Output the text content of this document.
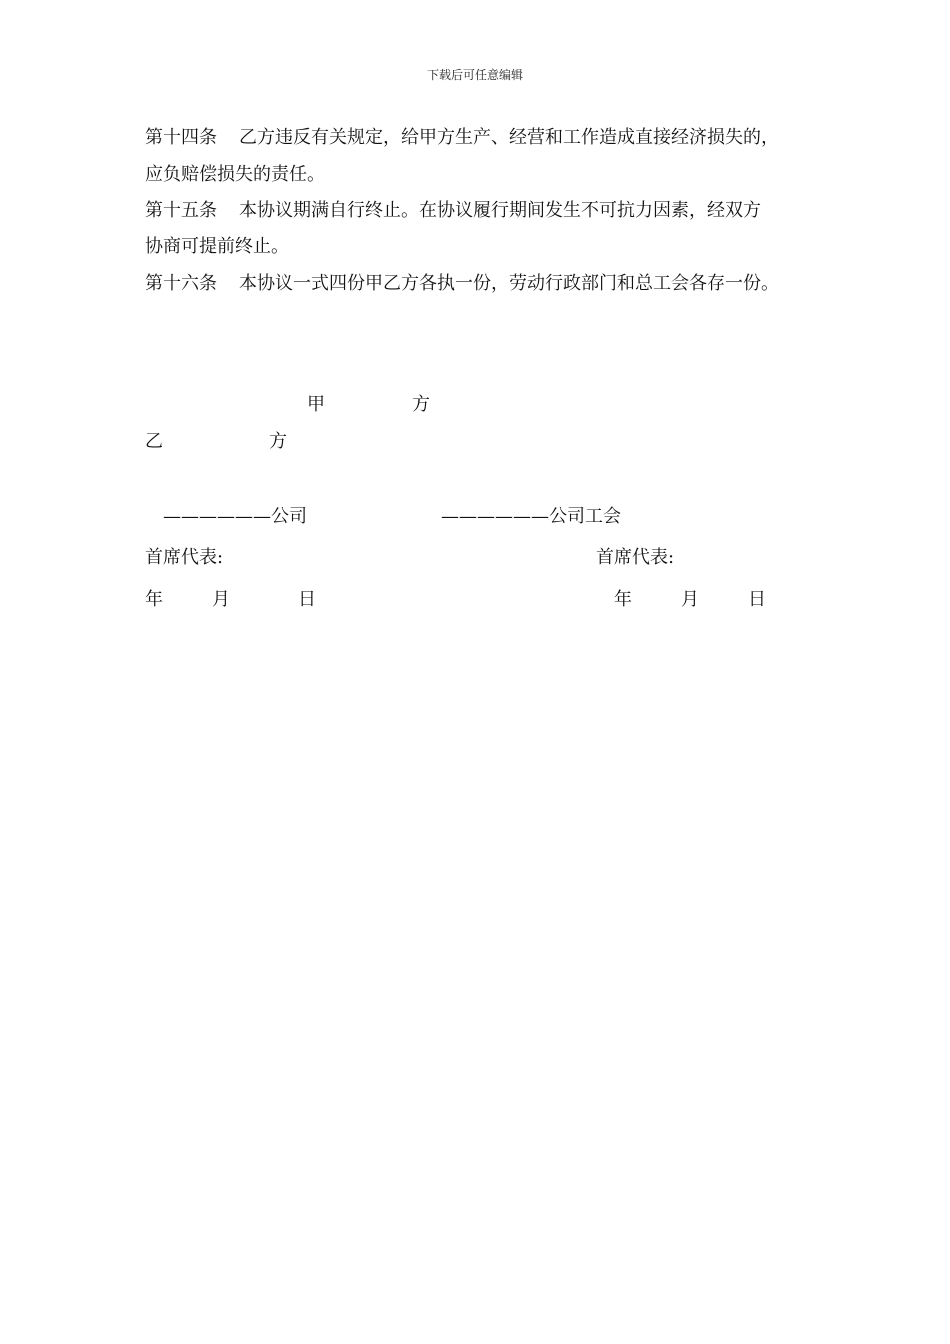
下载后可任意编辑
第十四条 乙方违反有关规定，给甲方生产、经营和工作造成直接经济损失的，
应负赔偿损失的责任。
第十五条 本协议期满自行终止。在协议履行期间发生不可抗力因素，经双方
协商可提前终止。
第十六条 本协议一式四份甲乙方各执一份，劳动行政部门和总工会各存一份。
甲	方
乙	方
——————公司	——————公司工会
首席代表:	首席代表:
年	月	日	年	月	日
